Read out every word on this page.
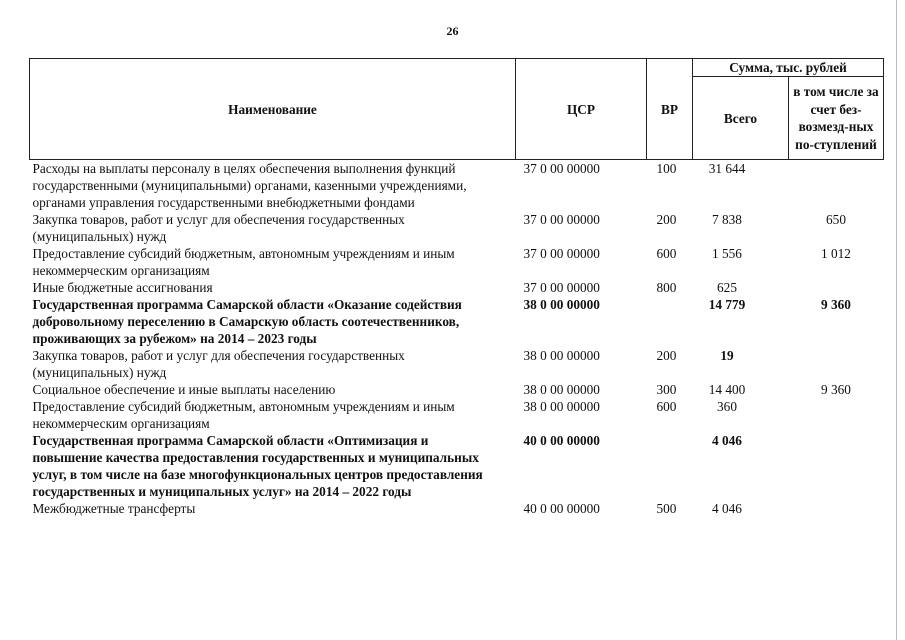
26
Наименование	ЦСР	ВР	Сумма, тыс. рублей	
			Всего	в том числе за счет без-возмезд-ных по-ступлений
Расходы на выплаты персоналу в целях обеспечения выполнения функций государственными (муниципальными) органами, казенными учреждениями, органами управления государственными внебюджетными фондами	37 0 00 00000	100	31 644	
Закупка товаров, работ и услуг для обеспечения государственных (муниципальных) нужд	37 0 00 00000	200	7 838	650
Предоставление субсидий бюджетным, автономным учреждениям и иным некоммерческим организациям	37 0 00 00000	600	1 556	1 012
Иные бюджетные ассигнования	37 0 00 00000	800	625	
Государственная программа Самарской области «Оказание содействия добровольному переселению в Самарскую область соотечественников, проживающих за рубежом» на 2014 – 2023 годы	38 0 00 00000		14 779	9 360
Закупка товаров, работ и услуг для обеспечения государственных (муниципальных) нужд	38 0 00 00000	200	19	
Социальное обеспечение и иные выплаты населению	38 0 00 00000	300	14 400	9 360
Предоставление субсидий бюджетным, автономным учреждениям и иным некоммерческим организациям	38 0 00 00000	600	360	
Государственная программа Самарской области «Оптимизация и повышение качества предоставления государственных и муниципальных услуг, в том числе на базе многофункциональных центров предоставления государственных и муниципальных услуг» на 2014 – 2022 годы	40 0 00 00000		4 046	
Межбюджетные трансферты	40 0 00 00000	500	4 046	
